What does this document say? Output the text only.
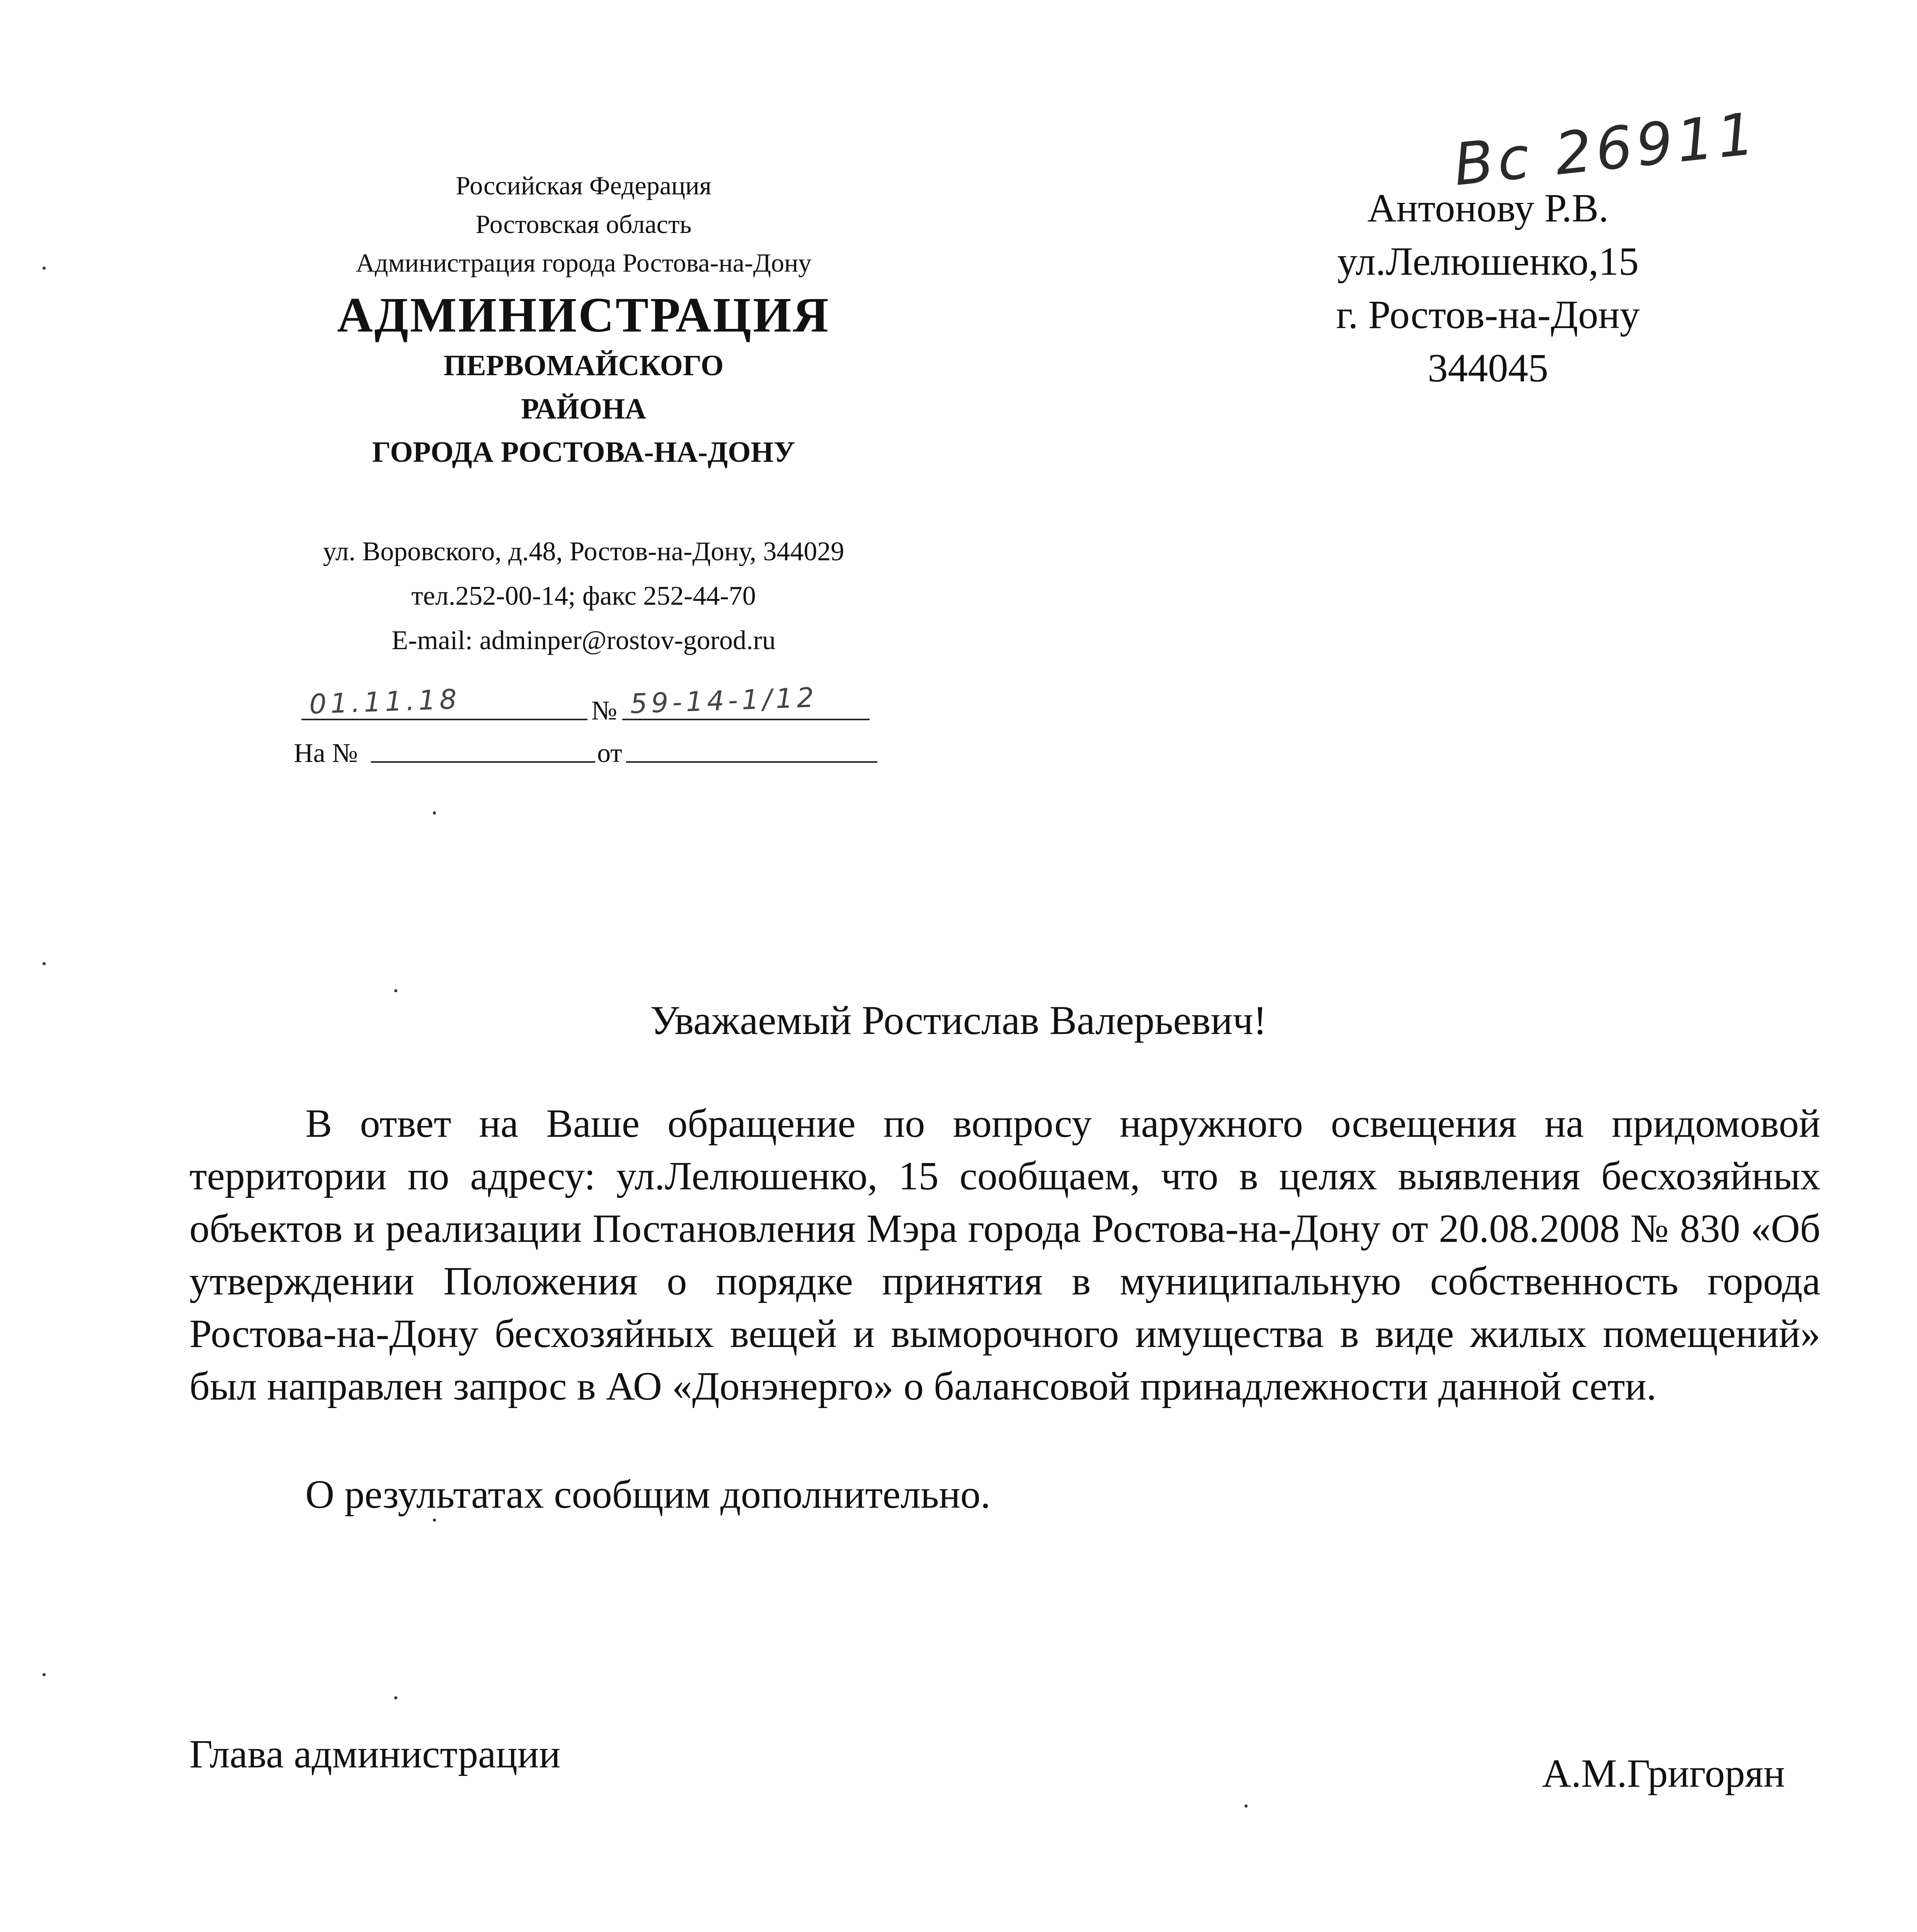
Вс 26911
Российская Федерация
Ростовская область
Администрация города Ростова-на-Дону
АДМИНИСТРАЦИЯ
ПЕРВОМАЙСКОГО
РАЙОНА
ГОРОДА РОСТОВА-НА-ДОНУ
ул. Воровского, д.48, Ростов-на-Дону, 344029
тел.252-00-14; факс 252-44-70
E-mail: adminper@rostov-gorod.ru
01.11.18	№ 59-14-1/12
На №	от
Антонову Р.В.
ул.Лелюшенко,15
г. Ростов-на-Дону
344045
Уважаемый Ростислав Валерьевич!
В ответ на Ваше обращение по вопросу наружного освещения на придомовой территории по адресу: ул.Лелюшенко, 15 сообщаем, что в целях выявления бесхозяйных объектов и реализации Постановления Мэра города Ростова-на-Дону от 20.08.2008 № 830 «Об утверждении Положения о порядке принятия в муниципальную собственность города Ростова-на-Дону бесхозяйных вещей и выморочного имущества в виде жилых помещений» был направлен запрос в АО «Донэнерго» о балансовой принадлежности данной сети.
О результатах сообщим дополнительно.
Глава администрации	А.М.Григорян
